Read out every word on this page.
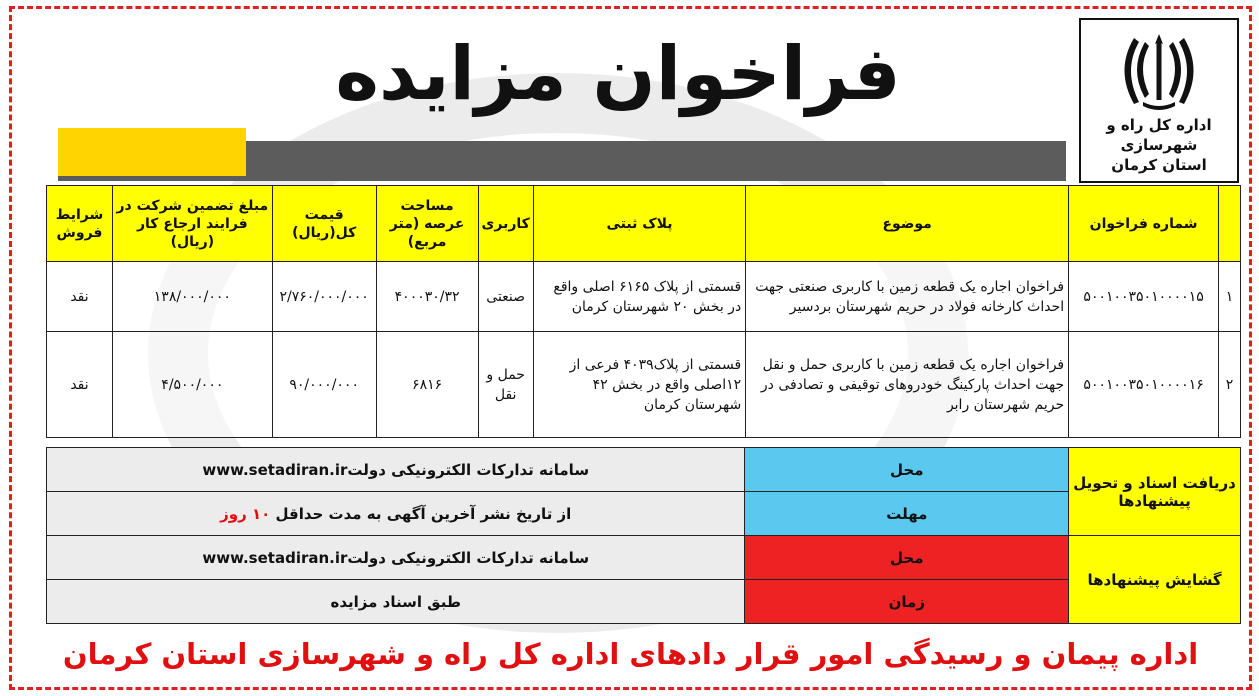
اداره کل راه و شهرسازی
استان کرمان
فراخوان مزایده
	شماره فراخوان	موضوع	پلاک ثبتی	کاربری	مساحت عرصه (متر مربع)	قیمت کل(ریال)	مبلغ تضمین شرکت در فرایند ارجاع کار (ریال)	شرایط فروش
۱	۵۰۰۱۰۰۳۵۰۱۰۰۰۰۱۵	فراخوان اجاره یک قطعه زمین با کاربری صنعتی جهت احداث کارخانه فولاد در حریم شهرستان بردسیر	قسمتی از پلاک ۶۱۶۵ اصلی واقع در بخش ۲۰ شهرستان کرمان	صنعتی	۴۰۰۰۳۰/۳۲	۲/۷۶۰/۰۰۰/۰۰۰	۱۳۸/۰۰۰/۰۰۰	نقد
۲	۵۰۰۱۰۰۳۵۰۱۰۰۰۰۱۶	فراخوان اجاره یک قطعه زمین با کاربری حمل و نقل جهت احداث پارکینگ خودروهای توقیفی و تصادفی در حریم شهرستان رابر	قسمتی از پلاک۴۰۳۹ فرعی از ۱۲اصلی واقع در بخش ۴۲ شهرستان کرمان	حمل و نقل	۶۸۱۶	۹۰/۰۰۰/۰۰۰	۴/۵۰۰/۰۰۰	نقد
دریافت اسناد و تحویل پیشنهادها	محل	سامانه تدارکات الکترونیکی دولتwww.setadiran.ir
	مهلت	از تاریخ نشر آخرین آگهی به مدت حداقل ۱۰ روز
گشایش پیشنهادها	محل	سامانه تدارکات الکترونیکی دولتwww.setadiran.ir
	زمان	طبق اسناد مزایده
اداره پیمان و رسیدگی امور قرار دادهای اداره کل راه و شهرسازی استان کرمان
